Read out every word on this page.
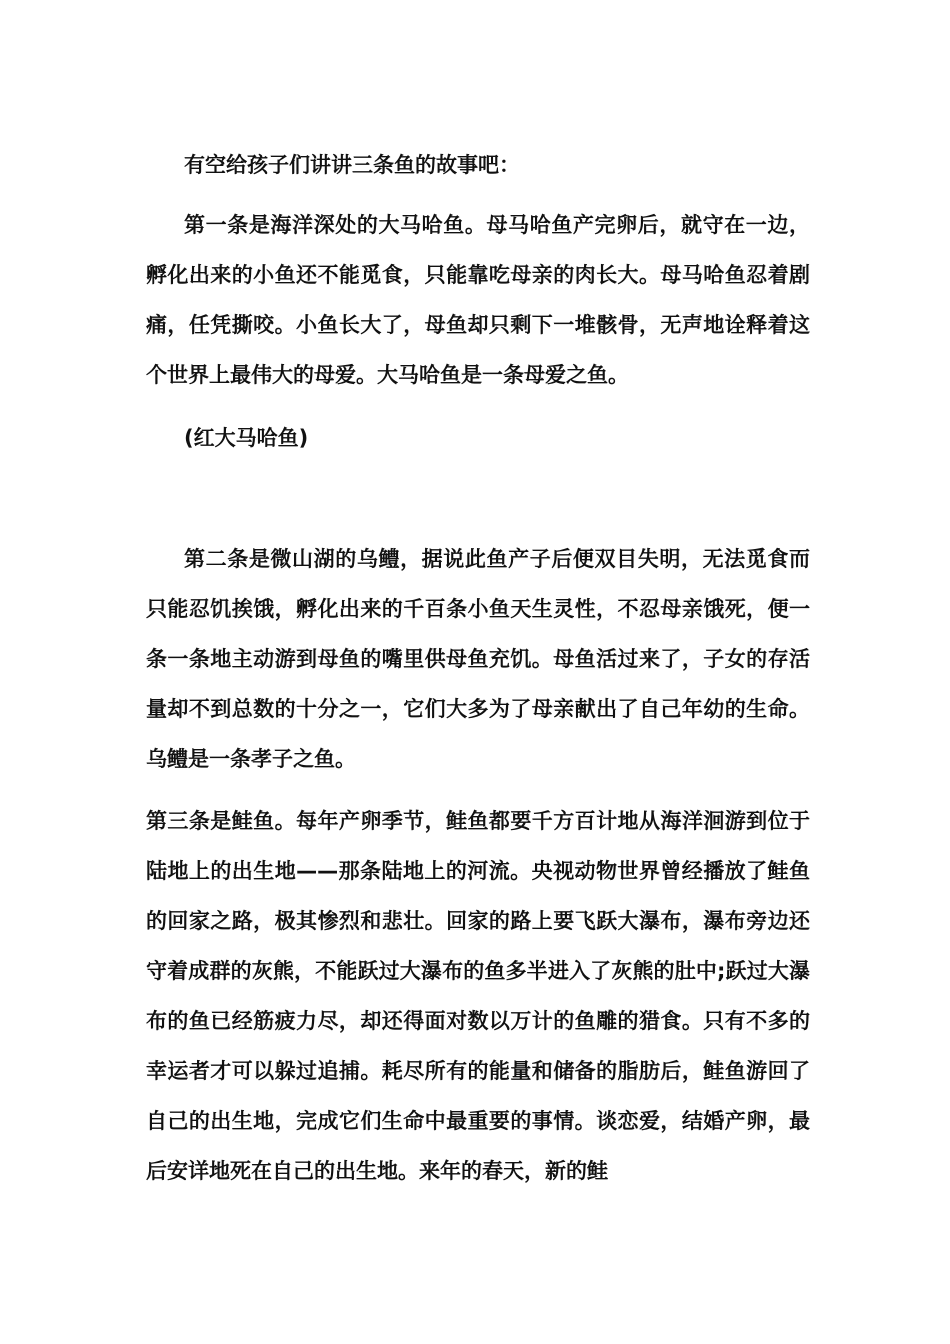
有空给孩子们讲讲三条鱼的故事吧：

第一条是海洋深处的大马哈鱼。母马哈鱼产完卵后，就守在一边，孵化出来的小鱼还不能觅食，只能靠吃母亲的肉长大。母马哈鱼忍着剧痛，任凭撕咬。小鱼长大了，母鱼却只剩下一堆骸骨，无声地诠释着这个世界上最伟大的母爱。大马哈鱼是一条母爱之鱼。

(红大马哈鱼)

第二条是微山湖的乌鳢，据说此鱼产子后便双目失明，无法觅食而只能忍饥挨饿，孵化出来的千百条小鱼天生灵性，不忍母亲饿死，便一条一条地主动游到母鱼的嘴里供母鱼充饥。母鱼活过来了，子女的存活量却不到总数的十分之一，它们大多为了母亲献出了自己年幼的生命。乌鳢是一条孝子之鱼。

第三条是鲑鱼。每年产卵季节，鲑鱼都要千方百计地从海洋洄游到位于陆地上的出生地——那条陆地上的河流。央视动物世界曾经播放了鲑鱼的回家之路，极其惨烈和悲壮。回家的路上要飞跃大瀑布，瀑布旁边还守着成群的灰熊，不能跃过大瀑布的鱼多半进入了灰熊的肚中;跃过大瀑布的鱼已经筋疲力尽，却还得面对数以万计的鱼雕的猎食。只有不多的幸运者才可以躲过追捕。耗尽所有的能量和储备的脂肪后，鲑鱼游回了自己的出生地，完成它们生命中最重要的事情。谈恋爱，结婚产卵，最后安详地死在自己的出生地。来年的春天，新的鲑
